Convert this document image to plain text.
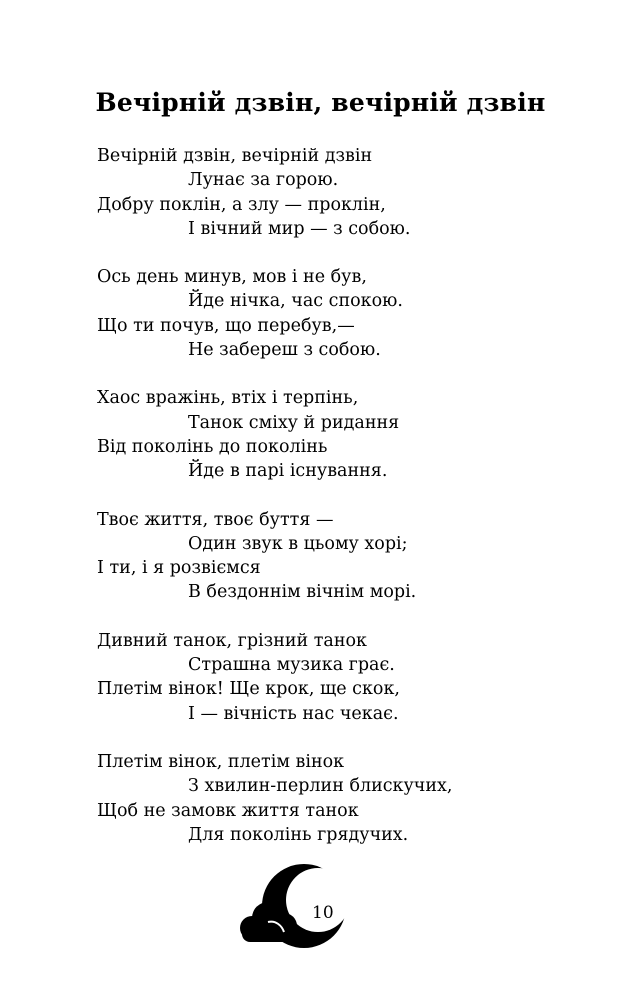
Вечірній дзвін, вечірній дзвін
Вечірній дзвін, вечірній дзвін
Лунає за горою.
Добру поклін, а злу — проклін,
І вічний мир — з собою.
Ось день минув, мов і не був,
Йде нічка, час спокою.
Що ти почув, що перебув,—
Не забереш з собою.
Хаос вражінь, втіх і терпінь,
Танок сміху й ридання
Від поколінь до поколінь
Йде в парі існування.
Твоє життя, твоє буття —
Один звук в цьому хорі;
І ти, і я розвіємся
В бездоннім вічнім морі.
Дивний танок, грізний танок
Страшна музика грає.
Плетім вінок! Ще крок, ще скок,
І — вічність нас чекає.
Плетім вінок, плетім вінок
З хвилин-перлин блискучих,
Щоб не замовк життя танок
Для поколінь грядучих.
10
